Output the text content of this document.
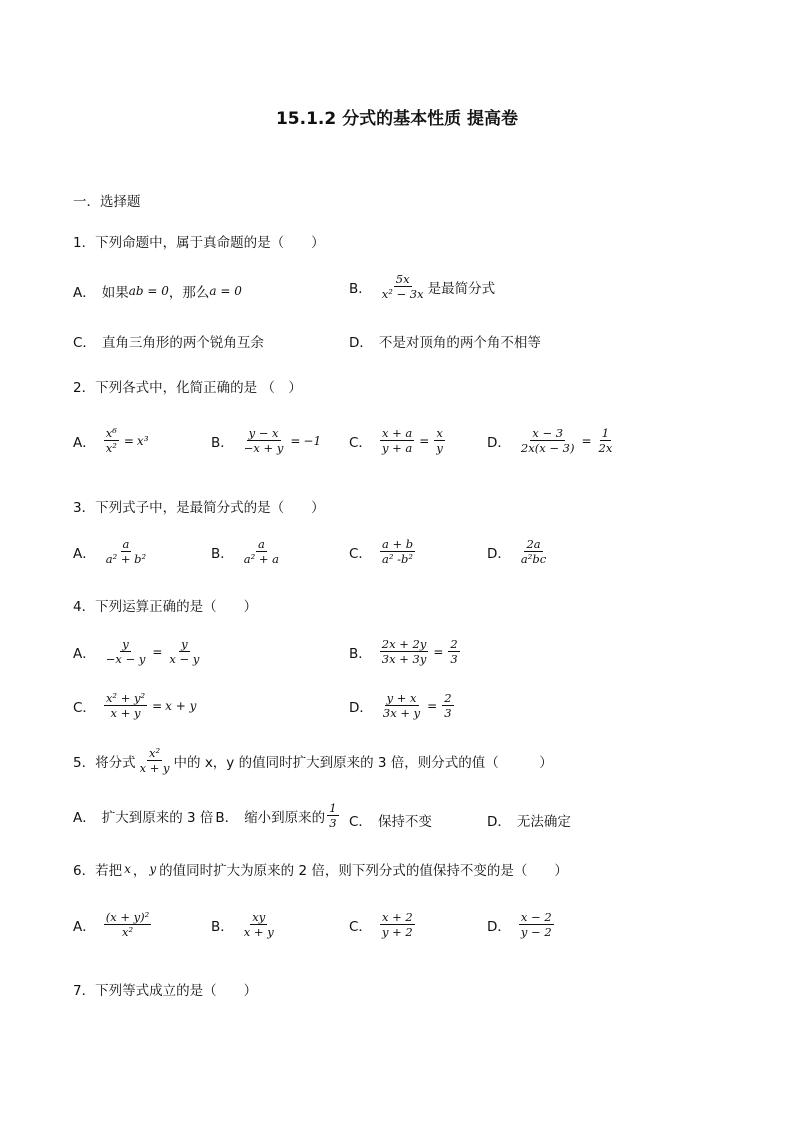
15.1.2 分式的基本性质 提高卷
一．选择题
1．下列命题中，属于真命题的是（　　）
A． 如果 ab = 0 ，那么 a = 0	B． $\frac{5x}{\text{x² − 3x}}$ 是最简分式
C． 直角三角形的两个锐角互余	D． 不是对顶角的两个角不相等
2．下列各式中，化简正确的是 （　）
A． $\frac{\text{x⁶}}{\text{x²}} = x^3$	B． $\frac{y - x}{-x + y} = -1$ C． $\frac{x + a}{y + a} = \frac{x}{y}$	D． $\frac{x - 3}{2x(x - 3)} = \frac{1}{2x}$
3．下列式子中，是最简分式的是（　　）
A． $\frac{a}{\text{a² + b²}}$	B． $\frac{a}{\text{a² + a}}$	C． $\frac{a + b}{\text{a² -b²}}$	D． $\frac{2a}{\text{a²bc}}$
4．下列运算正确的是（　　）
A． $\frac{y}{-x - y} = \frac{y}{x - y}$	B． $\frac{2x + 2y}{3x + 3y} = \frac{2}{3}$
C． $\frac{\text{x² + y²}}{x + y} = x + y$	D． $\frac{y + x}{3x + y} = \frac{2}{3}$
5．将分式 $\frac{\text{x²}}{x + y}$ 中的 x，y 的值同时扩大到原来的 3 倍，则分式的值（　　　）
A． 扩大到原来的 3 倍 B． 缩小到原来的 $\frac{1}{3}$ C． 保持不变	D． 无法确定
6．若把 x ， y 的值同时扩大为原来的 2 倍，则下列分式的值保持不变的是（　　）
A． $\frac{\text{(x + y)²}}{\text{x²}}$	B． $\frac{xy}{x + y}$	C． $\frac{x + 2}{y + 2}$	D． $\frac{x - 2}{y - 2}$
7．下列等式成立的是（　　）
